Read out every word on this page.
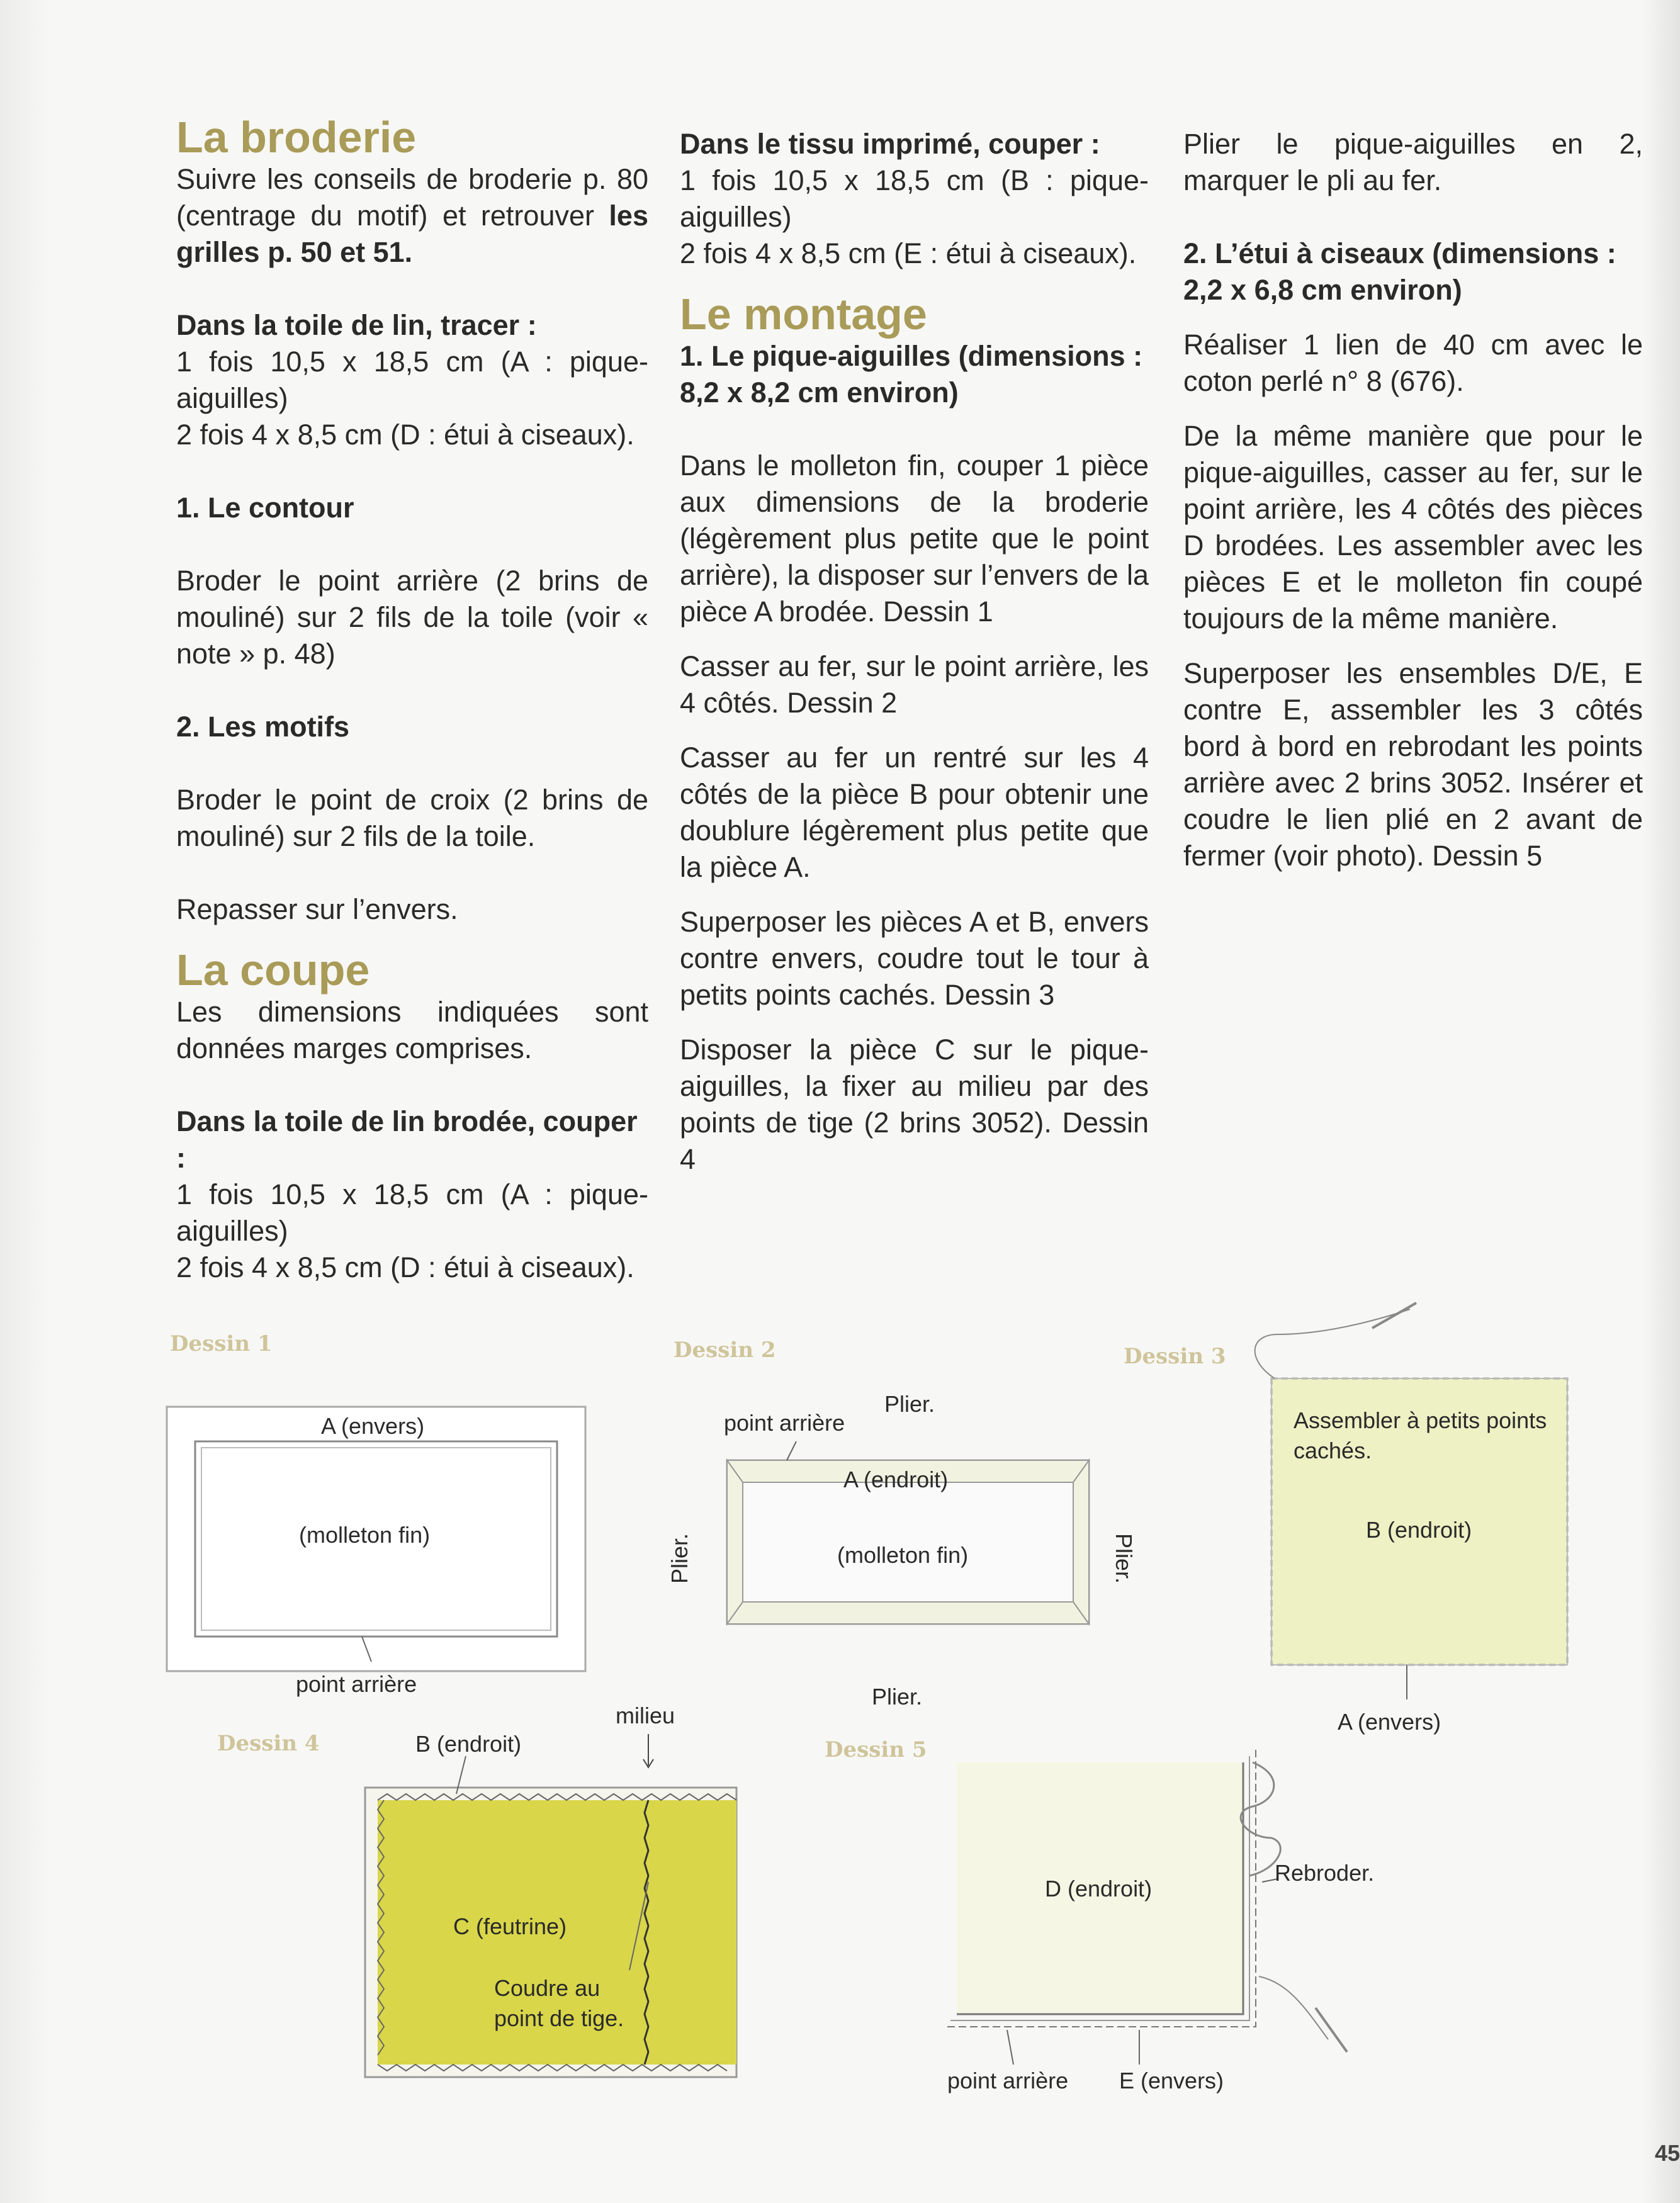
La broderie

Suivre les conseils de broderie p. 80 (centrage du motif) et retrouver les grilles p. 50 et 51.

Dans la toile de lin, tracer :

1 fois 10,5 x 18,5 cm (A : pique-aiguilles)

2 fois 4 x 8,5 cm (D : étui à ciseaux).

1. Le contour

Broder le point arrière (2 brins de mouliné) sur 2 fils de la toile (voir « note » p. 48)

2. Les motifs

Broder le point de croix (2 brins de mouliné) sur 2 fils de la toile.

Repasser sur l’envers.

La coupe

Les dimensions indiquées sont données marges comprises.

Dans la toile de lin brodée, couper :

1 fois 10,5 x 18,5 cm (A : pique-aiguilles)

2 fois 4 x 8,5 cm (D : étui à ciseaux).

Dans le tissu imprimé, couper :

1 fois 10,5 x 18,5 cm (B : pique-aiguilles)

2 fois 4 x 8,5 cm (E : étui à ciseaux).

Le montage
1. Le pique-aiguilles (dimensions : 8,2 x 8,2 cm environ)

Dans le molleton fin, couper 1 pièce aux dimensions de la broderie (légèrement plus petite que le point arrière), la disposer sur l’envers de la pièce A brodée. Dessin 1

Casser au fer, sur le point arrière, les 4 côtés. Dessin 2

Casser au fer un rentré sur les 4 côtés de la pièce B pour obtenir une doublure légèrement plus petite que la pièce A.

Superposer les pièces A et B, envers contre envers, coudre tout le tour à petits points cachés. Dessin 3

Disposer la pièce C sur le pique-aiguilles, la fixer au milieu par des points de tige (2 brins 3052). Dessin 4

Plier le pique-aiguilles en 2, marquer le pli au fer.

2. L’étui à ciseaux (dimensions : 2,2 x 6,8 cm environ)

Réaliser 1 lien de 40 cm avec le coton perlé n° 8 (676).

De la même manière que pour le pique-aiguilles, casser au fer, sur le point arrière, les 4 côtés des pièces D brodées. Les assembler avec les pièces E et le molleton fin coupé toujours de la même manière.

Superposer les ensembles D/E, E contre E, assembler les 3 côtés bord à bord en rebrodant les points arrière avec 2 brins 3052. Insérer et coudre le lien plié en 2 avant de fermer (voir photo). Dessin 5

Dessin 1
A (envers)
(molleton fin)
point arrière
Dessin 2
point arrière
Plier.
A (endroit)
(molleton fin)
Plier.	Plier.
Plier.
Dessin 3
Assembler à petits points cachés.
B (endroit)
A (envers)
Dessin 4	B (endroit)
milieu
C (feutrine)
Coudre au point de tige.
Dessin 5
D (endroit)
Rebroder.
point arrière E (envers)
45
